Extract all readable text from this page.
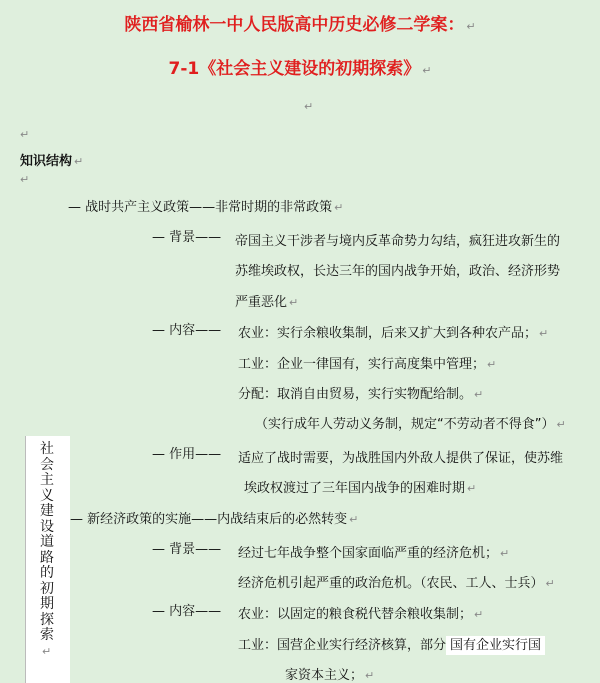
陕西省榆林一中人民版高中历史必修二学案： ↵
7-1《社会主义建设的初期探索》 ↵
↵
↵
知识结构 ↵
↵
— 战时共产主义政策——非常时期的非常政策 ↵
— 背景—— 帝国主义干涉者与境内反革命势力勾结，疯狂进攻新生的
苏维埃政权，长达三年的国内战争开始，政治、经济形势
严重恶化 ↵
— 内容—— 农业：实行余粮收集制，后来又扩大到各种农产品； ↵
工业：企业一律国有，实行高度集中管理； ↵
分配：取消自由贸易，实行实物配给制。 ↵
（实行成年人劳动义务制，规定“不劳动者不得食”） ↵
— 作用—— 适应了战时需要，为战胜国内外敌人提供了保证，使苏维
埃政权渡过了三年国内战争的困难时期 ↵
社会主义建设道路的初期探索↵
— 新经济政策的实施——内战结束后的必然转变 ↵
— 背景—— 经过七年战争整个国家面临严重的经济危机； ↵
经济危机引起严重的政治危机。（农民、工人、士兵） ↵
— 内容—— 农业：以固定的粮食税代替余粮收集制； ↵
工业：国营企业实行经济核算，部分 国有企业实行国
家资本主义； ↵
